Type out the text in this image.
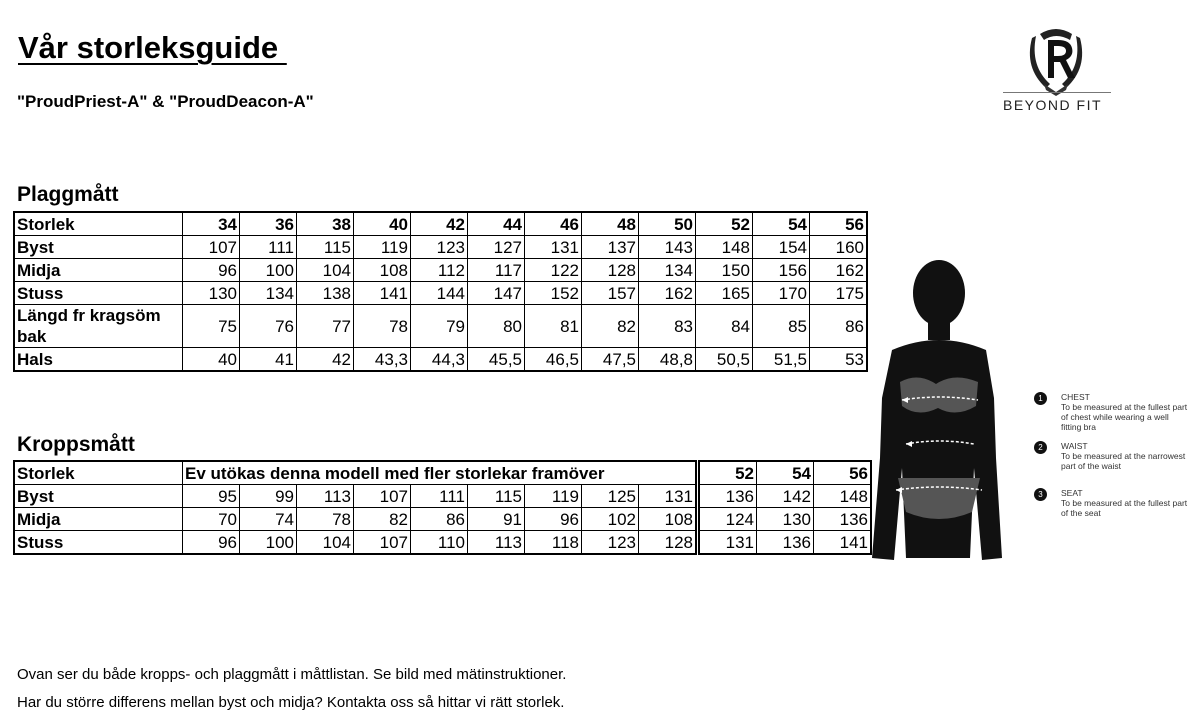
Vår storleksguide
"ProudPriest-A" & "ProudDeacon-A"	BEYOND FIT
Plaggmått
Storlek	34	36	38	40	42	44	46	48	50	52	54	56
Byst	107	111	115	119	123	127	131	137	143	148	154	160
Midja	96	100	104	108	112	117	122	128	134	150	156	162
Stuss	130	134	138	141	144	147	152	157	162	165	170	175
Längd fr kragsöm bak	75	76	77	78	79	80	81	82	83	84	85	86
Hals	40	41	42	43,3	44,3	45,5	46,5	47,5	48,8	50,5	51,5	53
Kroppsmått
Storlek	Ev utökas denna modell med fler storlekar framöver									52	54	56
Byst	95	99	113	107	111	115	119	125	131	136	142	148
Midja	70	74	78	82	86	91	96	102	108	124	130	136
Stuss	96	100	104	107	110	113	118	123	128	131	136	141
1	CHEST
To be measured at the fullest part of chest while wearing a well fitting bra
2	WAIST
To be measured at the narrowest part of the waist
3	SEAT
To be measured at the fullest part of the seat
Ovan ser du både kropps- och plaggmått i måttlistan. Se bild med mätinstruktioner.
Har du större differens mellan byst och midja? Kontakta oss så hittar vi rätt storlek.
